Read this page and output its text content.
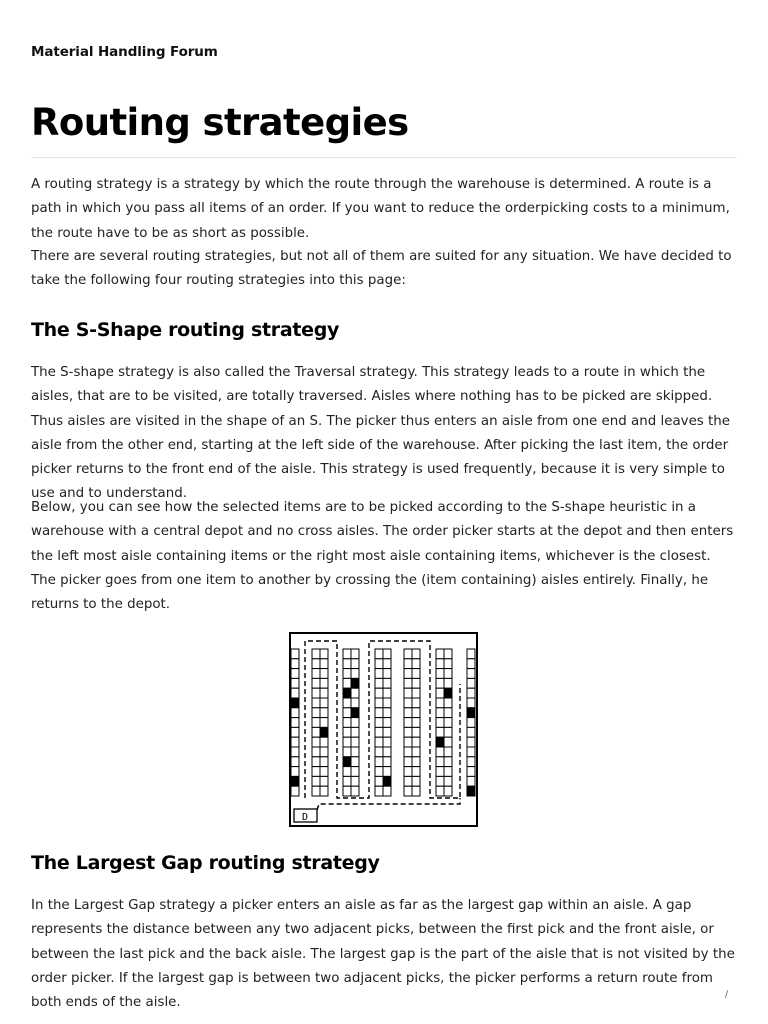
Material Handling Forum
Routing strategies

A routing strategy is a strategy by which the route through the warehouse is determined. A route is a path in which you pass all items of an order. If you want to reduce the orderpicking costs to a minimum, the route have to be as short as possible.

There are several routing strategies, but not all of them are suited for any situation. We have decided to take the following four routing strategies into this page:

The S-Shape routing strategy

The S-shape strategy is also called the Traversal strategy. This strategy leads to a route in which the aisles, that are to be visited, are totally traversed. Aisles where nothing has to be picked are skipped. Thus aisles are visited in the shape of an S. The picker thus enters an aisle from one end and leaves the aisle from the other end, starting at the left side of the warehouse. After picking the last item, the order picker returns to the front end of the aisle. This strategy is used frequently, because it is very simple to use and to understand.

Below, you can see how the selected items are to be picked according to the S-shape heuristic in a warehouse with a central depot and no cross aisles. The order picker starts at the depot and then enters the left most aisle containing items or the right most aisle containing items, whichever is the closest. The picker goes from one item to another by crossing the (item containing) aisles entirely. Finally, he returns to the depot.

The Largest Gap routing strategy

In the Largest Gap strategy a picker enters an aisle as far as the largest gap within an aisle. A gap represents the distance between any two adjacent picks, between the first pick and the front aisle, or between the last pick and the back aisle. The largest gap is the part of the aisle that is not visited by the order picker. If the largest gap is between two adjacent picks, the picker performs a return route from both ends of the aisle.

D
/
